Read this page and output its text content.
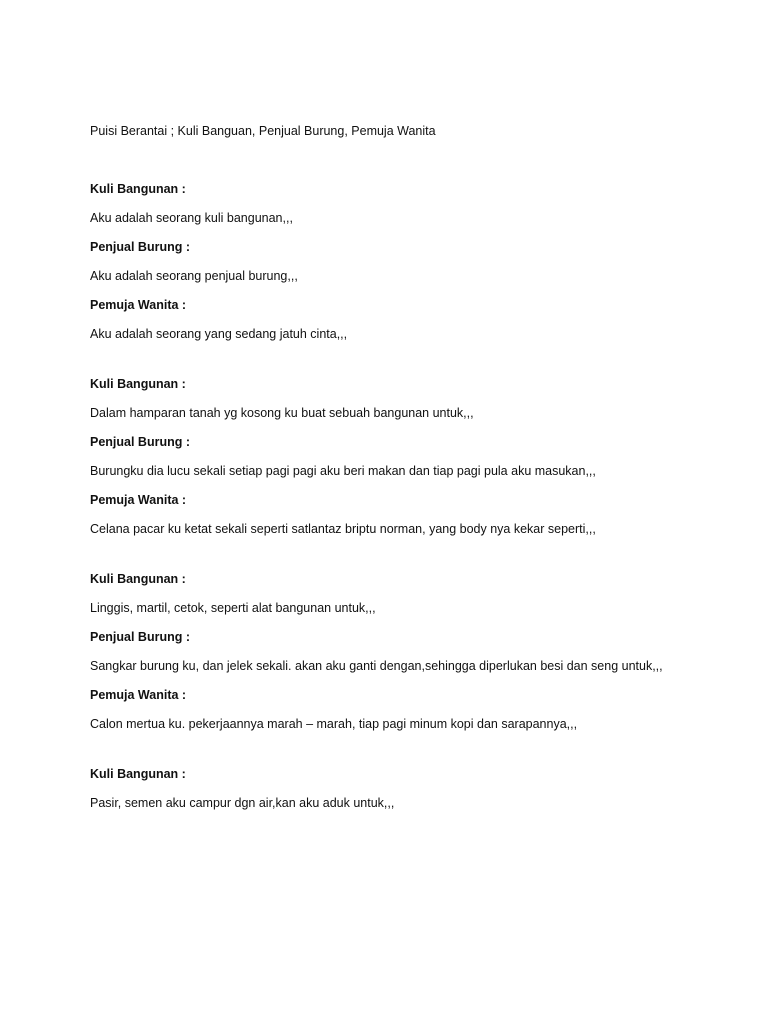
Puisi Berantai ; Kuli Banguan, Penjual Burung, Pemuja Wanita
Kuli Bangunan :
Aku adalah seorang kuli bangunan,,,
Penjual Burung :
Aku adalah seorang penjual burung,,,
Pemuja Wanita :
Aku adalah seorang yang sedang jatuh cinta,,,
Kuli Bangunan :
Dalam hamparan tanah yg kosong ku buat sebuah bangunan untuk,,,
Penjual Burung :
Burungku dia lucu sekali setiap pagi pagi aku beri makan dan tiap pagi pula aku masukan,,,
Pemuja Wanita :
Celana pacar ku ketat sekali seperti satlantaz briptu norman, yang body nya kekar seperti,,,
Kuli Bangunan :
Linggis, martil, cetok, seperti alat bangunan untuk,,,
Penjual Burung :
Sangkar burung ku, dan jelek sekali. akan aku ganti dengan,sehingga diperlukan besi dan seng untuk,,,
Pemuja Wanita :
Calon mertua ku. pekerjaannya marah – marah, tiap pagi minum kopi dan sarapannya,,,
Kuli Bangunan :
Pasir, semen aku campur dgn air,kan aku aduk untuk,,,
